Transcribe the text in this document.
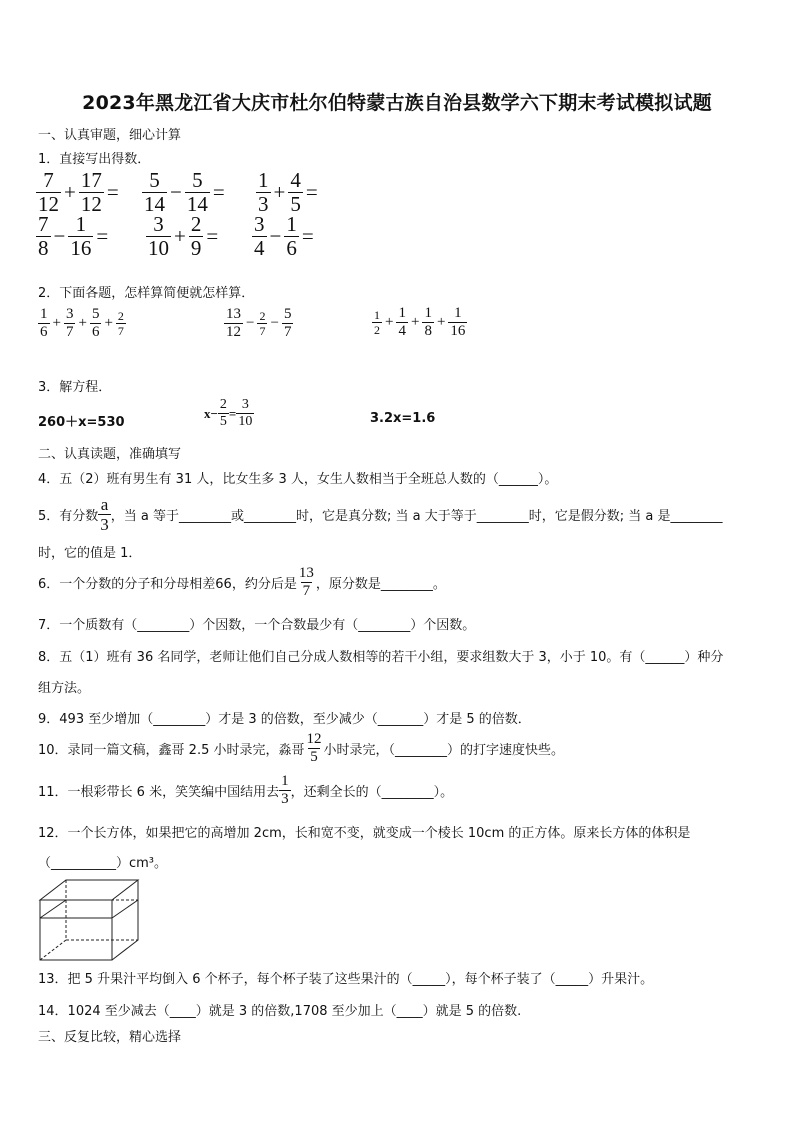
2023年黑龙江省大庆市杜尔伯特蒙古族自治县数学六下期末考试模拟试题
一、认真审题，细心计算
1．直接写出得数．
$\frac{7}{12} + \frac{17}{12} = \frac{5}{14} - \frac{5}{14} = \frac{1}{3} + \frac{4}{5}$ =
$\frac{7}{8} - \frac{1}{16} = \frac{3}{10} + \frac{2}{9} = \frac{3}{4} - \frac{1}{6}$ =
2．下面各题，怎样算简便就怎样算．
$\frac{1}{6} + \frac{3}{7} + \frac{5}{6} + \frac{2}{7}$	$\frac{13}{12} - \frac{2}{7} - \frac{5}{7}$	$\frac{1}{2} + \frac{1}{4} + \frac{1}{8} + \frac{1}{16}$
3．解方程．
260＋x=530
$x- \frac{2}{5} = \frac{3}{10}$	3.2x=1.6
二、认真读题，准确填写
4．五（2）班有男生有 31 人，比女生多 3 人，女生人数相当于全班总人数的（______）。
5．有分数 $\frac{a}{3}$ ，当 a 等于________或________时，它是真分数; 当 a 大于等于________时，它是假分数; 当 a 是________
时，它的值是 1．
6．一个分数的分子和分母相差66，约分后是 $\frac{13}{7}$ ，原分数是________。
7．一个质数有（________）个因数，一个合数最少有（________）个因数。
8．五（1）班有 36 名同学，老师让他们自己分成人数相等的若干小组，要求组数大于 3，小于 10。有（______）种分
组方法。
9．493 至少增加（________）才是 3 的倍数，至少减少（_______）才是 5 的倍数．
10．录同一篇文稿，鑫哥 2.5 小时录完，淼哥 $\frac{12}{5}$ 小时录完，（________）的打字速度快些。
11．一根彩带长 6 米，笑笑编中国结用去 $\frac{1}{3}$ ，还剩全长的（________）。
12．一个长方体，如果把它的高增加 2cm，长和宽不变，就变成一个棱长 10cm 的正方体。原来长方体的体积是
（__________）cm³。
13．把 5 升果汁平均倒入 6 个杯子，每个杯子装了这些果汁的（_____），每个杯子装了（_____）升果汁。
14．1024 至少减去（____）就是 3 的倍数,1708 至少加上（____）就是 5 的倍数.
三、反复比较，精心选择
